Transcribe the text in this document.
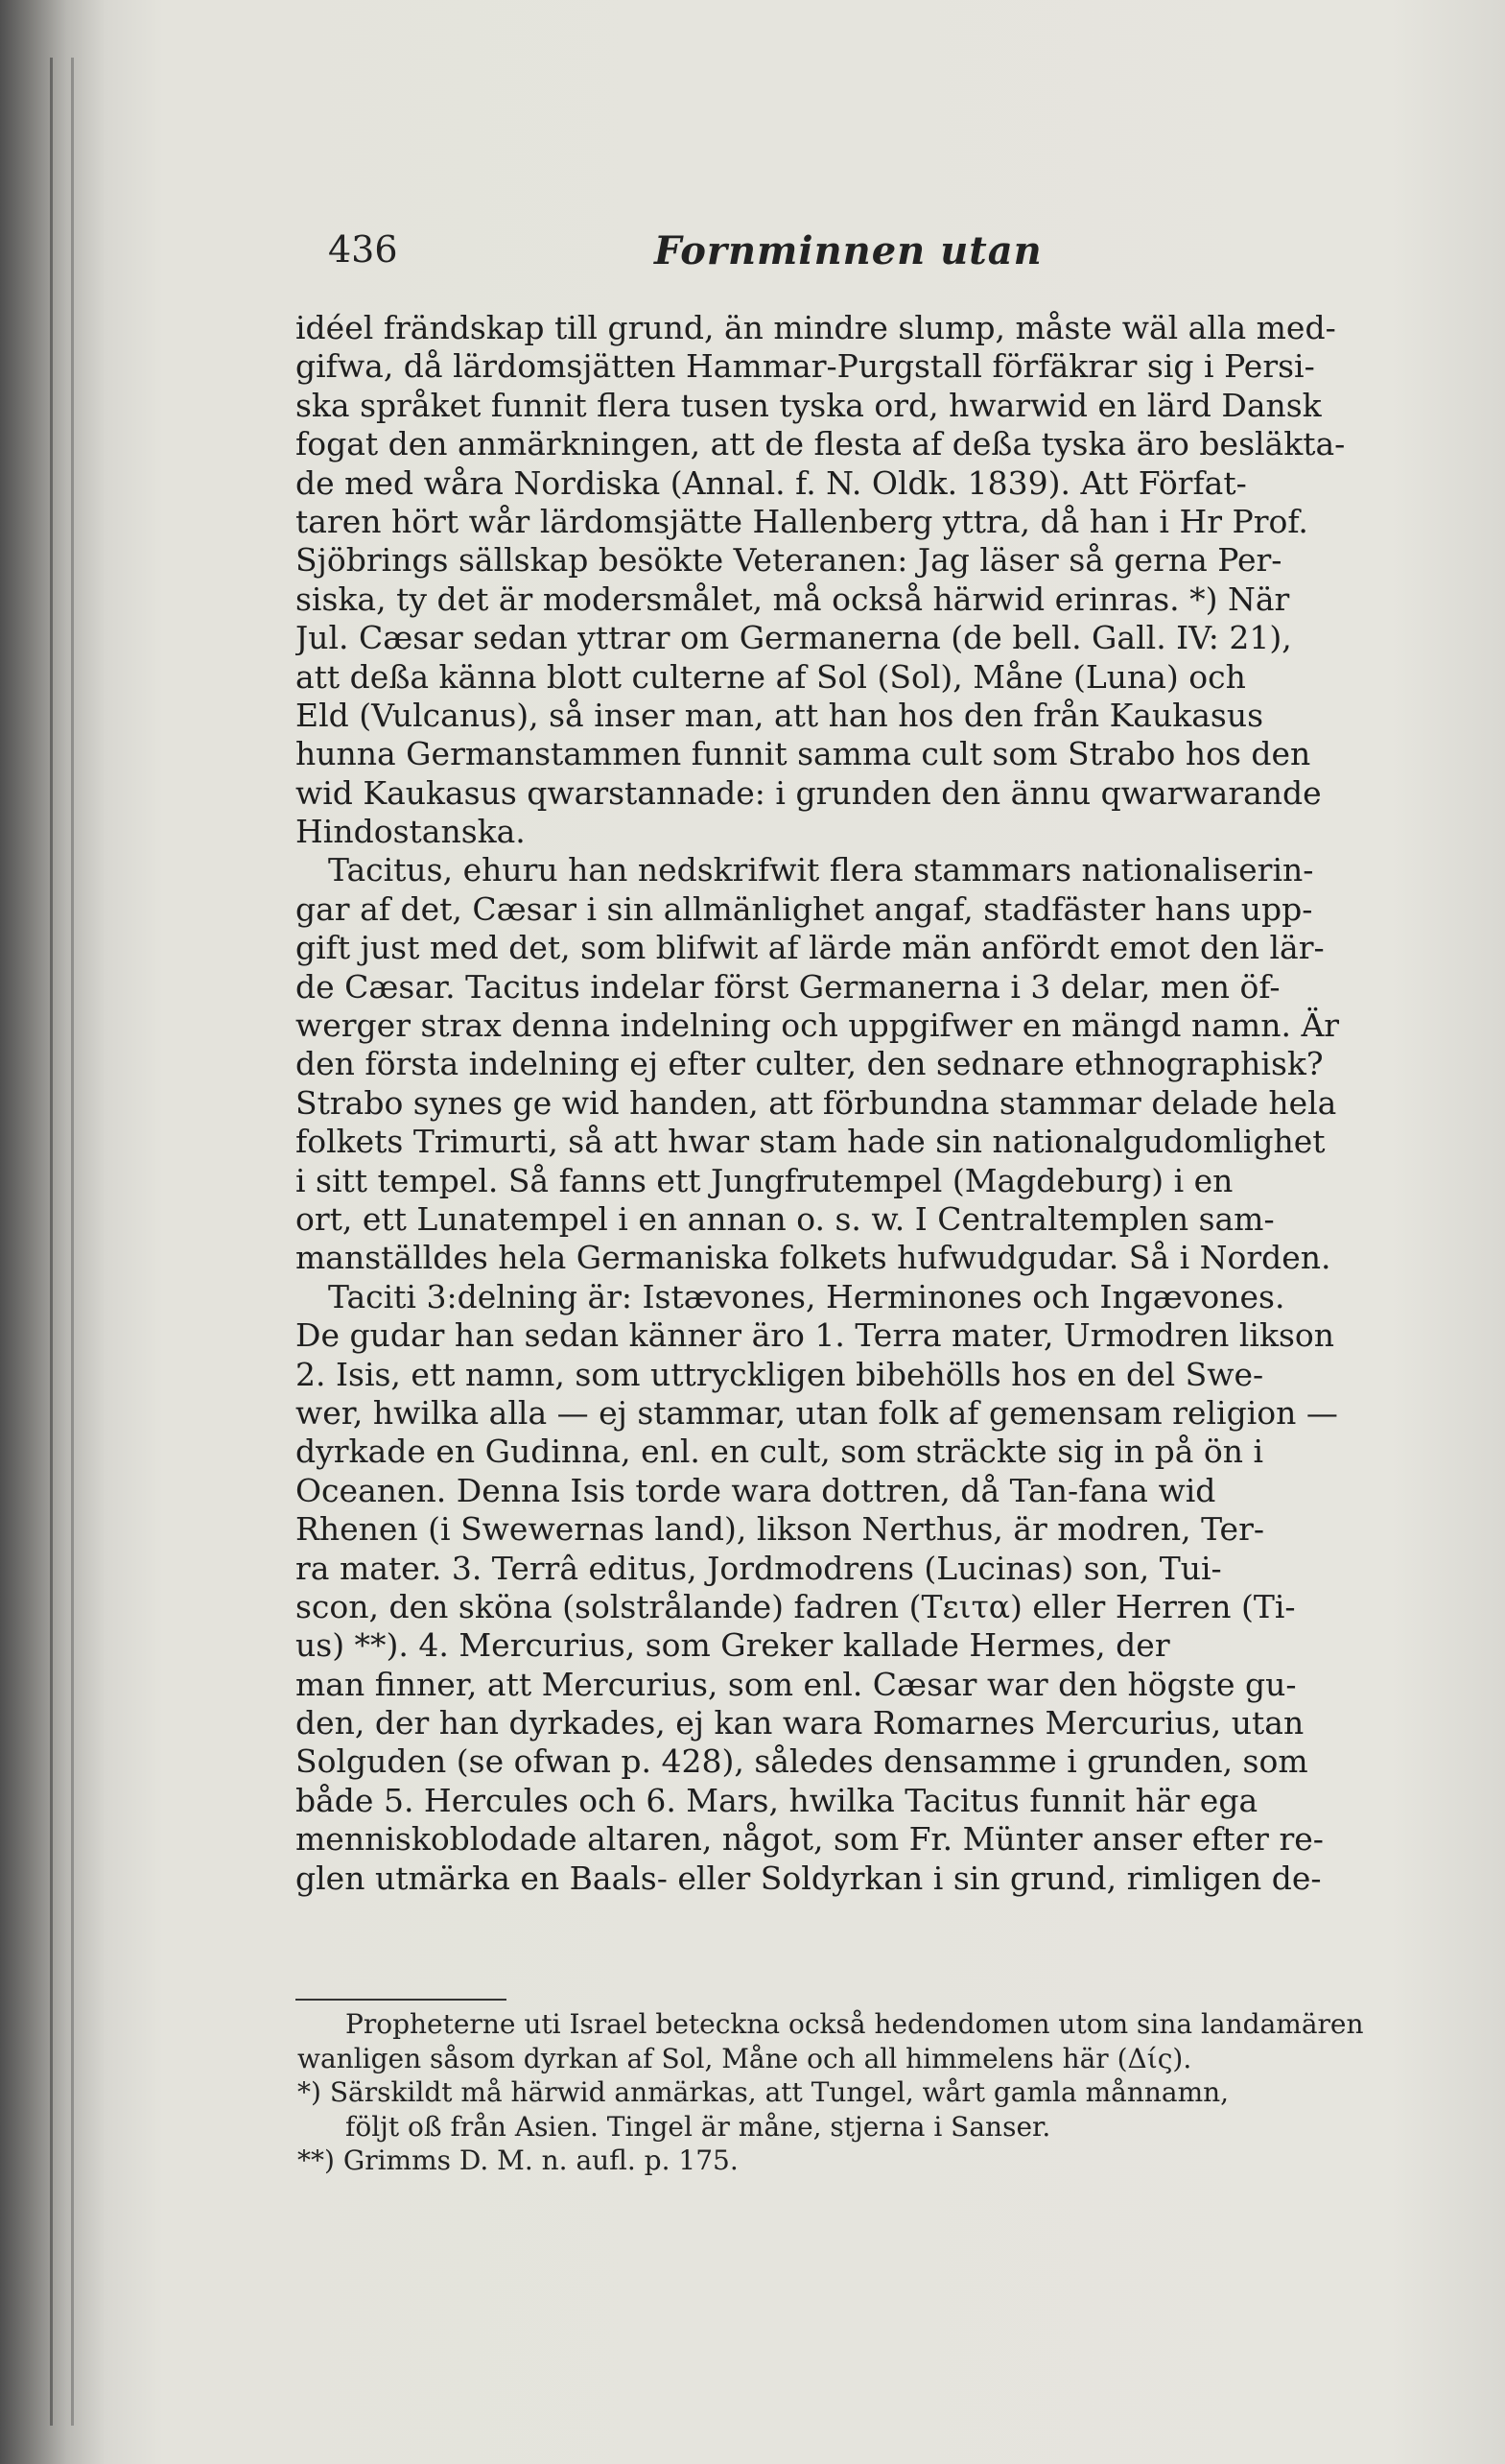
436	Fornminnen utan
idéel frändskap till grund, än mindre slump, måste wäl alla med-
gifwa, då lärdomsjätten Hammar-Purgstall förfäkrar sig i Persi-
ska språket funnit flera tusen tyska ord, hwarwid en lärd Dansk
fogat den anmärkningen, att de flesta af deßa tyska äro besläkta-
de med wåra Nordiska (Annal. f. N. Oldk. 1839). Att Förfat-
taren hört wår lärdomsjätte Hallenberg yttra, då han i Hr Prof.
Sjöbrings sällskap besökte Veteranen: Jag läser så gerna Per-
siska, ty det är modersmålet, må också härwid erinras. *) När
Jul. Cæsar sedan yttrar om Germanerna (de bell. Gall. IV: 21),
att deßa känna blott culterne af Sol (Sol), Måne (Luna) och
Eld (Vulcanus), så inser man, att han hos den från Kaukasus
hunna Germanstammen funnit samma cult som Strabo hos den
wid Kaukasus qwarstannade: i grunden den ännu qwarwarande
Hindostanska.
Tacitus, ehuru han nedskrifwit flera stammars nationaliserin-
gar af det, Cæsar i sin allmänlighet angaf, stadfäster hans upp-
gift just med det, som blifwit af lärde män anfördt emot den lär-
de Cæsar. Tacitus indelar först Germanerna i 3 delar, men öf-
werger strax denna indelning och uppgifwer en mängd namn. Är
den första indelning ej efter culter, den sednare ethnographisk?
Strabo synes ge wid handen, att förbundna stammar delade hela
folkets Trimurti, så att hwar stam hade sin nationalgudomlighet
i sitt tempel. Så fanns ett Jungfrutempel (Magdeburg) i en
ort, ett Lunatempel i en annan o. s. w. I Centraltemplen sam-
manställdes hela Germaniska folkets hufwudgudar. Så i Norden.
Taciti 3:delning är: Istævones, Herminones och Ingævones.
De gudar han sedan känner äro 1. Terra mater, Urmodren likson
2. Isis, ett namn, som uttryckligen bibehölls hos en del Swe-
wer, hwilka alla — ej stammar, utan folk af gemensam religion —
dyrkade en Gudinna, enl. en cult, som sträckte sig in på ön i
Oceanen. Denna Isis torde wara dottren, då Tan-fana wid
Rhenen (i Swewernas land), likson Nerthus, är modren, Ter-
ra mater. 3. Terrâ editus, Jordmodrens (Lucinas) son, Tui-
scon, den sköna (solstrålande) fadren (Τειτα) eller Herren (Ti-
us) **). 4. Mercurius, som Greker kallade Hermes, der
man finner, att Mercurius, som enl. Cæsar war den högste gu-
den, der han dyrkades, ej kan wara Romarnes Mercurius, utan
Solguden (se ofwan p. 428), således densamme i grunden, som
både 5. Hercules och 6. Mars, hwilka Tacitus funnit här ega
menniskoblodade altaren, något, som Fr. Münter anser efter re-
glen utmärka en Baals- eller Soldyrkan i sin grund, rimligen de-
Propheterne uti Israel betecknа också hedendomen utom sina landamären
wanligen såsom dyrkan af Sol, Måne och all himmelens här (Δίς).
*) Särskildt må härwid anmärkas, att Tungel, wårt gamla månnamn,
följt oß från Asien. Tingel är måne, stjerna i Sanser.
**) Grimms D. M. n. aufl. p. 175.
